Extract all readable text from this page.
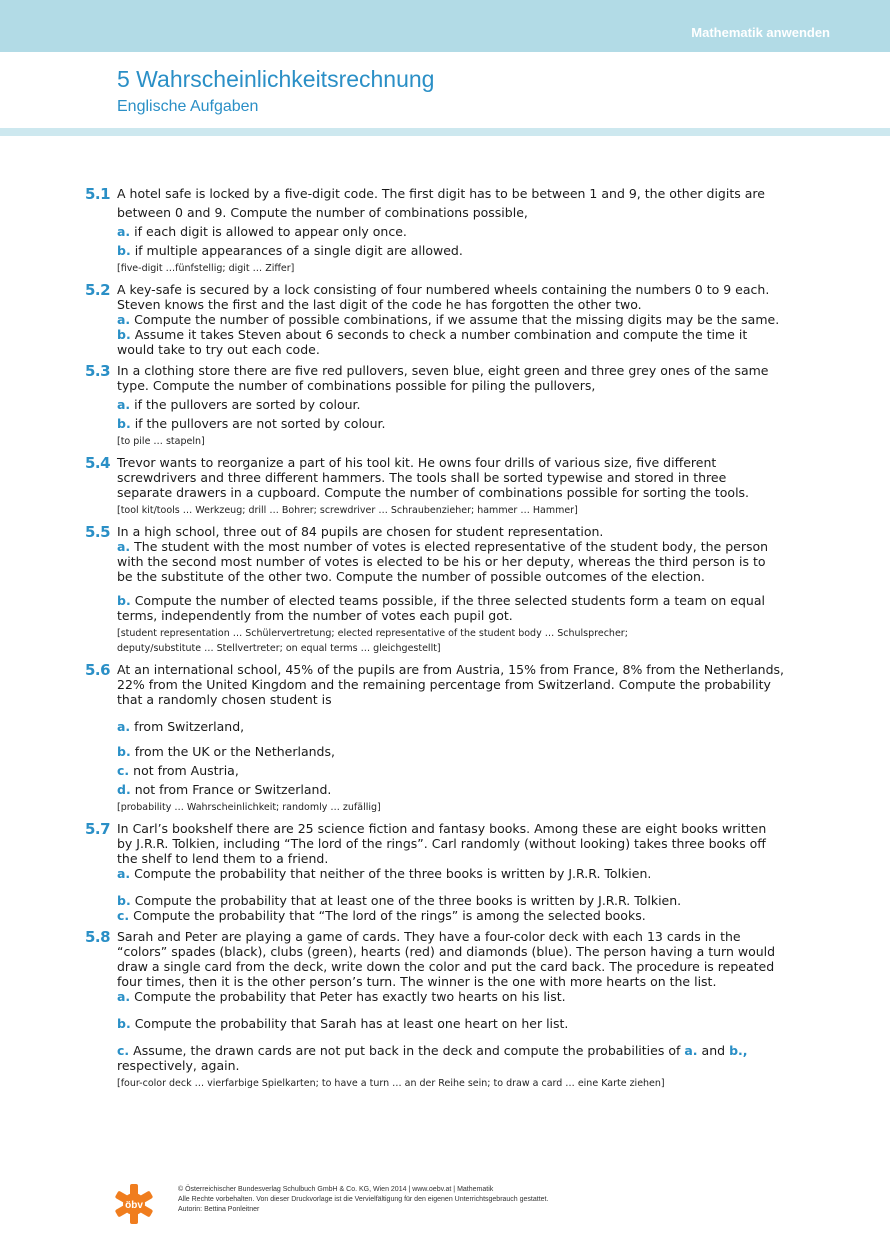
Mathematik anwenden
5 Wahrscheinlichkeitsrechnung
Englische Aufgaben
5.1 A hotel safe is locked by a five-digit code. The first digit has to be between 1 and 9, the other digits are

between 0 and 9. Compute the number of combinations possible,

a. if each digit is allowed to appear only once.

b. if multiple appearances of a single digit are allowed.

[five-digit …fünfstellig; digit … Ziffer]
5.2 A key-safe is secured by a lock consisting of four numbered wheels containing the numbers 0 to 9 each.

Steven knows the first and the last digit of the code he has forgotten the other two.

a. Compute the number of possible combinations, if we assume that the missing digits may be the same.

b. Assume it takes Steven about 6 seconds to check a number combination and compute the time it

would take to try out each code.

5.3 In a clothing store there are five red pullovers, seven blue, eight green and three grey ones of the same

type. Compute the number of combinations possible for piling the pullovers,

a. if the pullovers are sorted by colour.

b. if the pullovers are not sorted by colour.

[to pile … stapeln]
5.4 Trevor wants to reorganize a part of his tool kit. He owns four drills of various size, five different

screwdrivers and three different hammers. The tools shall be sorted typewise and stored in three

separate drawers in a cupboard. Compute the number of combinations possible for sorting the tools.

[tool kit/tools … Werkzeug; drill … Bohrer; screwdriver … Schraubenzieher; hammer … Hammer]
5.5 In a high school, three out of 84 pupils are chosen for student representation.

a. The student with the most number of votes is elected representative of the student body, the person

with the second most number of votes is elected to be his or her deputy, whereas the third person is to

be the substitute of the other two. Compute the number of possible outcomes of the election.

b. Compute the number of elected teams possible, if the three selected students form a team on equal

terms, independently from the number of votes each pupil got.

[student representation … Schülervertretung; elected representative of the student body … Schulsprecher;
deputy/substitute … Stellvertreter; on equal terms … gleichgestellt]
5.6 At an international school, 45% of the pupils are from Austria, 15% from France, 8% from the Netherlands,

22% from the United Kingdom and the remaining percentage from Switzerland. Compute the probability

that a randomly chosen student is

a. from Switzerland,

b. from the UK or the Netherlands,

c. not from Austria,

d. not from France or Switzerland.

[probability … Wahrscheinlichkeit; randomly … zufällig]
5.7 In Carl’s bookshelf there are 25 science fiction and fantasy books. Among these are eight books written

by J.R.R. Tolkien, including “The lord of the rings”. Carl randomly (without looking) takes three books off

the shelf to lend them to a friend.

a. Compute the probability that neither of the three books is written by J.R.R. Tolkien.

b. Compute the probability that at least one of the three books is written by J.R.R. Tolkien.

c. Compute the probability that “The lord of the rings” is among the selected books.

5.8 Sarah and Peter are playing a game of cards. They have a four-color deck with each 13 cards in the

“colors” spades (black), clubs (green), hearts (red) and diamonds (blue). The person having a turn would

draw a single card from the deck, write down the color and put the card back. The procedure is repeated

four times, then it is the other person’s turn. The winner is the one with more hearts on the list.

a. Compute the probability that Peter has exactly two hearts on his list.

b. Compute the probability that Sarah has at least one heart on her list.

c. Assume, the drawn cards are not put back in the deck and compute the probabilities of a. and b.,

respectively, again.

[four-color deck … vierfarbige Spielkarten; to have a turn … an der Reihe sein; to draw a card … eine Karte ziehen]
öbv
© Österreichischer Bundesverlag Schulbuch GmbH & Co. KG, Wien 2014 | www.oebv.at | Mathematik
Alle Rechte vorbehalten. Von dieser Druckvorlage ist die Vervielfältigung für den eigenen Unterrichtsgebrauch gestattet.
Autorin: Bettina Ponleitner
